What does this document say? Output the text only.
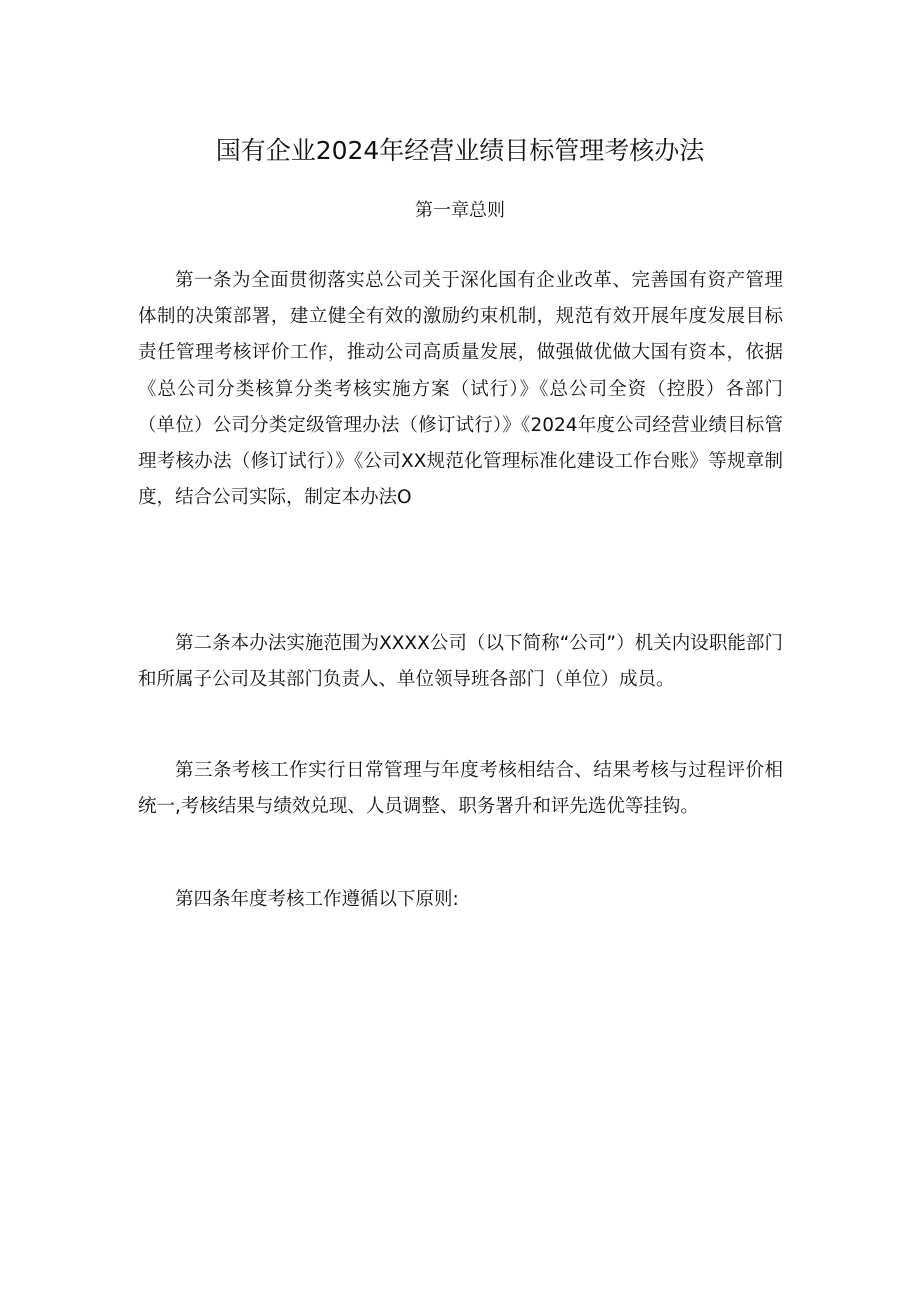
国有企业2024年经营业绩目标管理考核办法
第一章总则

第一条为全面贯彻落实总公司关于深化国有企业改革、完善国有资产管理体制的决策部署，建立健全有效的激励约束机制，规范有效开展年度发展目标责任管理考核评价工作，推动公司高质量发展，做强做优做大国有资本，依据《总公司分类核算分类考核实施方案（试行）》《总公司全资（控股）各部门（单位）公司分类定级管理办法（修订试行）》《2024年度公司经营业绩目标管理考核办法（修订试行）》《公司XX规范化管理标准化建设工作台账》等规章制度，结合公司实际，制定本办法O

第二条本办法实施范围为XXXX公司（以下简称“公司”）机关内设职能部门和所属子公司及其部门负责人、单位领导班各部门（单位）成员。

第三条考核工作实行日常管理与年度考核相结合、结果考核与过程评价相统一,考核结果与绩效兑现、人员调整、职务署升和评先选优等挂钩。

第四条年度考核工作遵循以下原则:
